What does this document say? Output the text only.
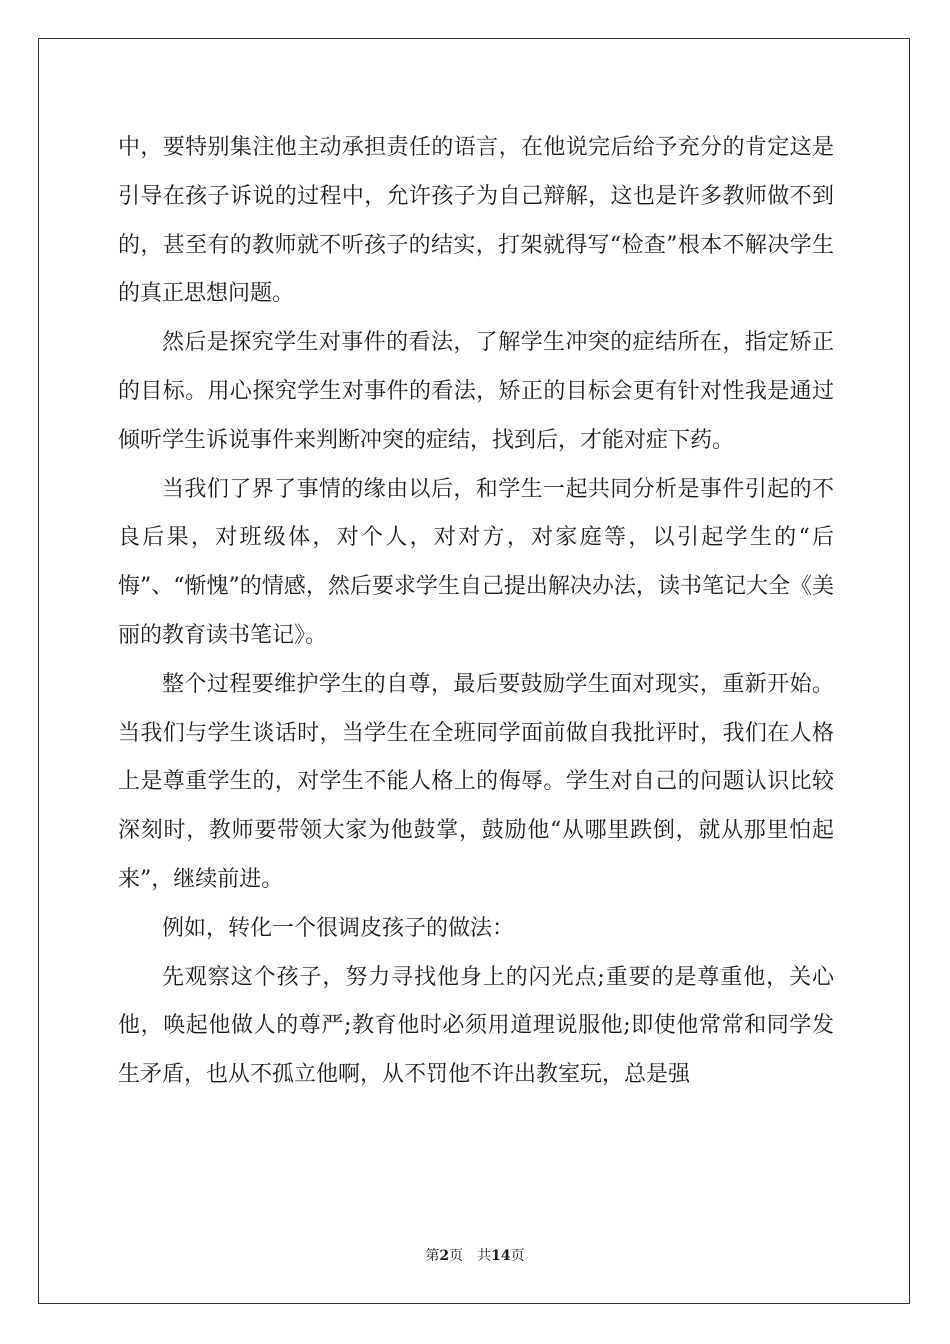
中，要特别集注他主动承担责任的语言，在他说完后给予充分的肯定这是引导在孩子诉说的过程中，允许孩子为自己辩解，这也是许多教师做不到的，甚至有的教师就不听孩子的结实，打架就得写“检查”根本不解决学生的真正思想问题。

然后是探究学生对事件的看法，了解学生冲突的症结所在，指定矫正的目标。用心探究学生对事件的看法，矫正的目标会更有针对性我是通过倾听学生诉说事件来判断冲突的症结，找到后，才能对症下药。

当我们了界了事情的缘由以后，和学生一起共同分析是事件引起的不良后果，对班级体，对个人，对对方，对家庭等，以引起学生的“后悔”、“惭愧”的情感，然后要求学生自己提出解决办法，读书笔记大全《美丽的教育读书笔记》。

整个过程要维护学生的自尊，最后要鼓励学生面对现实，重新开始。当我们与学生谈话时，当学生在全班同学面前做自我批评时，我们在人格上是尊重学生的，对学生不能人格上的侮辱。学生对自己的问题认识比较深刻时，教师要带领大家为他鼓掌，鼓励他“从哪里跌倒，就从那里怕起来”，继续前进。

例如，转化一个很调皮孩子的做法：

先观察这个孩子，努力寻找他身上的闪光点;重要的是尊重他，关心他，唤起他做人的尊严;教育他时必须用道理说服他;即使他常常和同学发生矛盾，也从不孤立他啊，从不罚他不许出教室玩，总是强

第2页 共14页
